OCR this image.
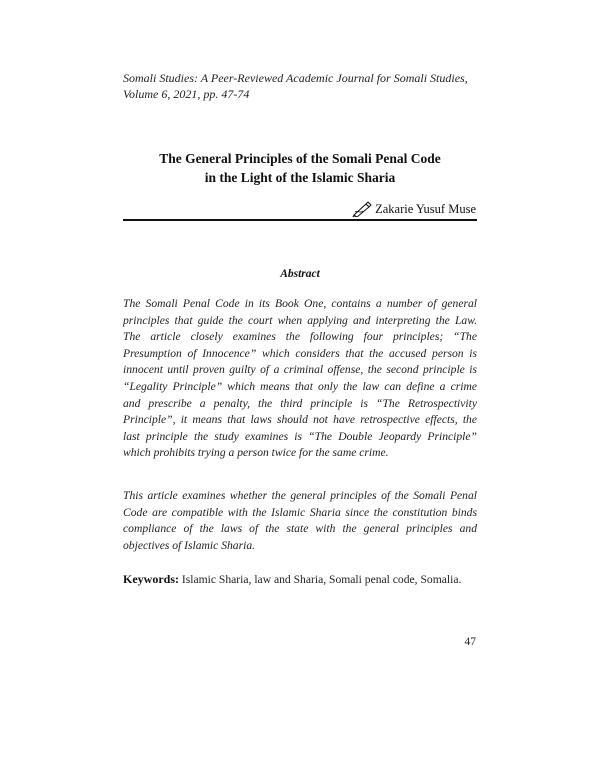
Somali Studies: A Peer-Reviewed Academic Journal for Somali Studies,
Volume 6, 2021, pp. 47-74
The General Principles of the Somali Penal Code
in the Light of the Islamic Sharia
Zakarie Yusuf Muse
Abstract
The Somali Penal Code in its Book One, contains a number of general
principles that guide the court when applying and interpreting the Law.
The article closely examines the following four principles; “The
Presumption of Innocence” which considers that the accused person is
innocent until proven guilty of a criminal offense, the second principle is
“Legality Principle” which means that only the law can define a crime
and prescribe a penalty, the third principle is “The Retrospectivity
Principle”, it means that laws should not have retrospective effects, the
last principle the study examines is “The Double Jeopardy Principle”
which prohibits trying a person twice for the same crime.
This article examines whether the general principles of the Somali Penal
Code are compatible with the Islamic Sharia since the constitution binds
compliance of the laws of the state with the general principles and
objectives of Islamic Sharia.
Keywords: Islamic Sharia, law and Sharia, Somali penal code, Somalia.
47
